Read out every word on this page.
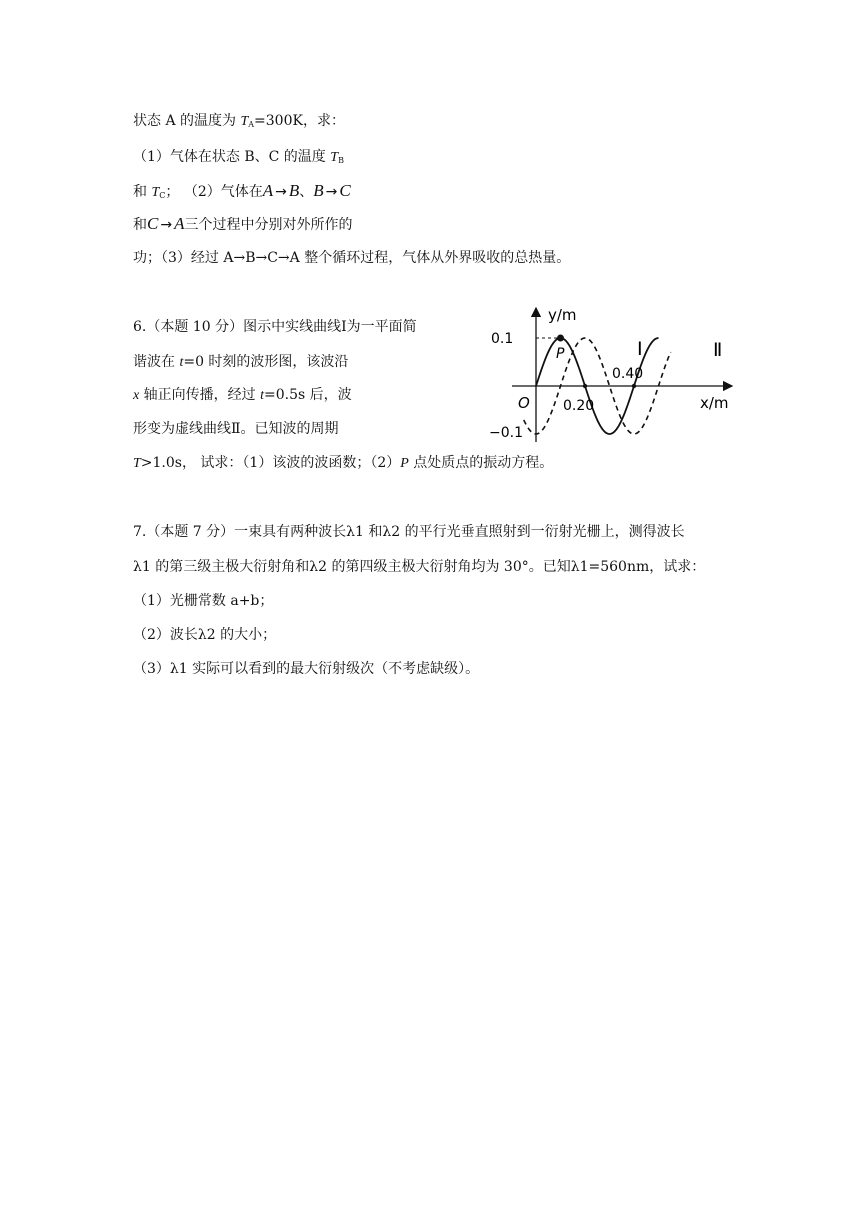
状态 A 的温度为 $T_A=300K$，求：
（1）气体在状态 B、C 的温度 $T_B$
和 $T_C$； （2）气体在A → B、B → C
和C → A三个过程中分别对外所作的
功；（3）经过 A→B→C→A 整个循环过程，气体从外界吸收的总热量。
6.（本题 10 分）图示中实线曲线Ⅰ为一平面简
谐波在 t=0 时刻的波形图，该波沿
x 轴正向传播，经过 t=0.5s 后，波
形变为虚线曲线Ⅱ。已知波的周期
T>1.0s， 试求：（1）该波的波函数；（2）P 点处质点的振动方程。
y/m
x/m
0.1
−0.1
0.20
0.40
O
P	Ⅰ	Ⅱ
7.（本题 7 分）一束具有两种波长λ1 和λ2 的平行光垂直照射到一衍射光栅上，测得波长
λ1 的第三级主极大衍射角和λ2 的第四级主极大衍射角均为 30°。已知λ1=560nm，试求：
（1）光栅常数 a+b；
（2）波长λ2 的大小；
（3）λ1 实际可以看到的最大衍射级次（不考虑缺级）。
